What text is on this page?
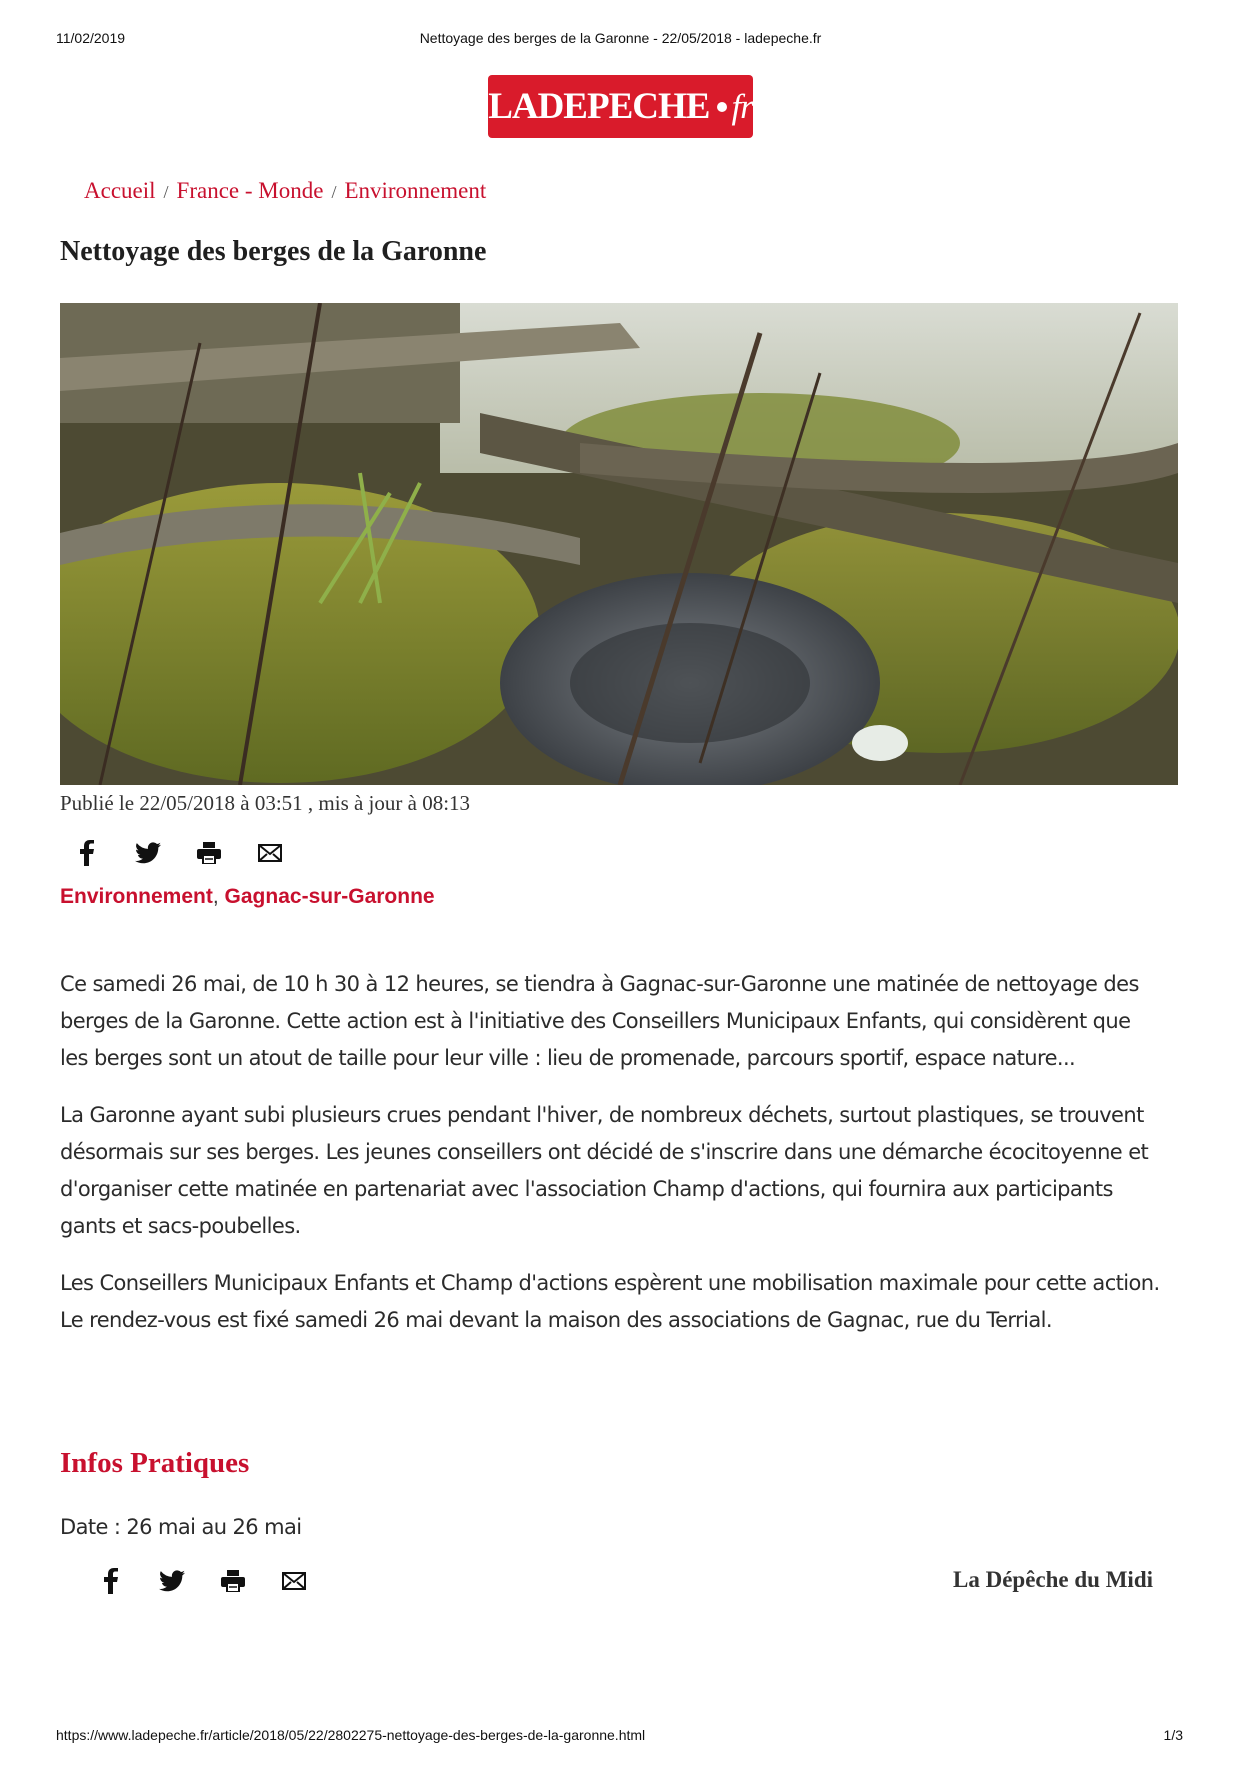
11/02/2019	Nettoyage des berges de la Garonne - 22/05/2018 - ladepeche.fr
LADEPECHE fr
Accueil / France - Monde / Environnement
Nettoyage des berges de la Garonne
Publié le 22/05/2018 à 03:51 , mis à jour à 08:13
Environnement, Gagnac-sur-Garonne

Ce samedi 26 mai, de 10 h 30 à 12 heures, se tiendra à Gagnac-sur-Garonne une matinée de nettoyage des berges de la Garonne. Cette action est à l'initiative des Conseillers Municipaux Enfants, qui considèrent que les berges sont un atout de taille pour leur ville : lieu de promenade, parcours sportif, espace nature...

La Garonne ayant subi plusieurs crues pendant l'hiver, de nombreux déchets, surtout plastiques, se trouvent désormais sur ses berges. Les jeunes conseillers ont décidé de s'inscrire dans une démarche écocitoyenne et d'organiser cette matinée en partenariat avec l'association Champ d'actions, qui fournira aux participants gants et sacs-poubelles.

Les Conseillers Municipaux Enfants et Champ d'actions espèrent une mobilisation maximale pour cette action. Le rendez-vous est fixé samedi 26 mai devant la maison des associations de Gagnac, rue du Terrial.

Infos Pratiques
Date : 26 mai au 26 mai
La Dépêche du Midi
https://www.ladepeche.fr/article/2018/05/22/2802275-nettoyage-des-berges-de-la-garonne.html	1/3
